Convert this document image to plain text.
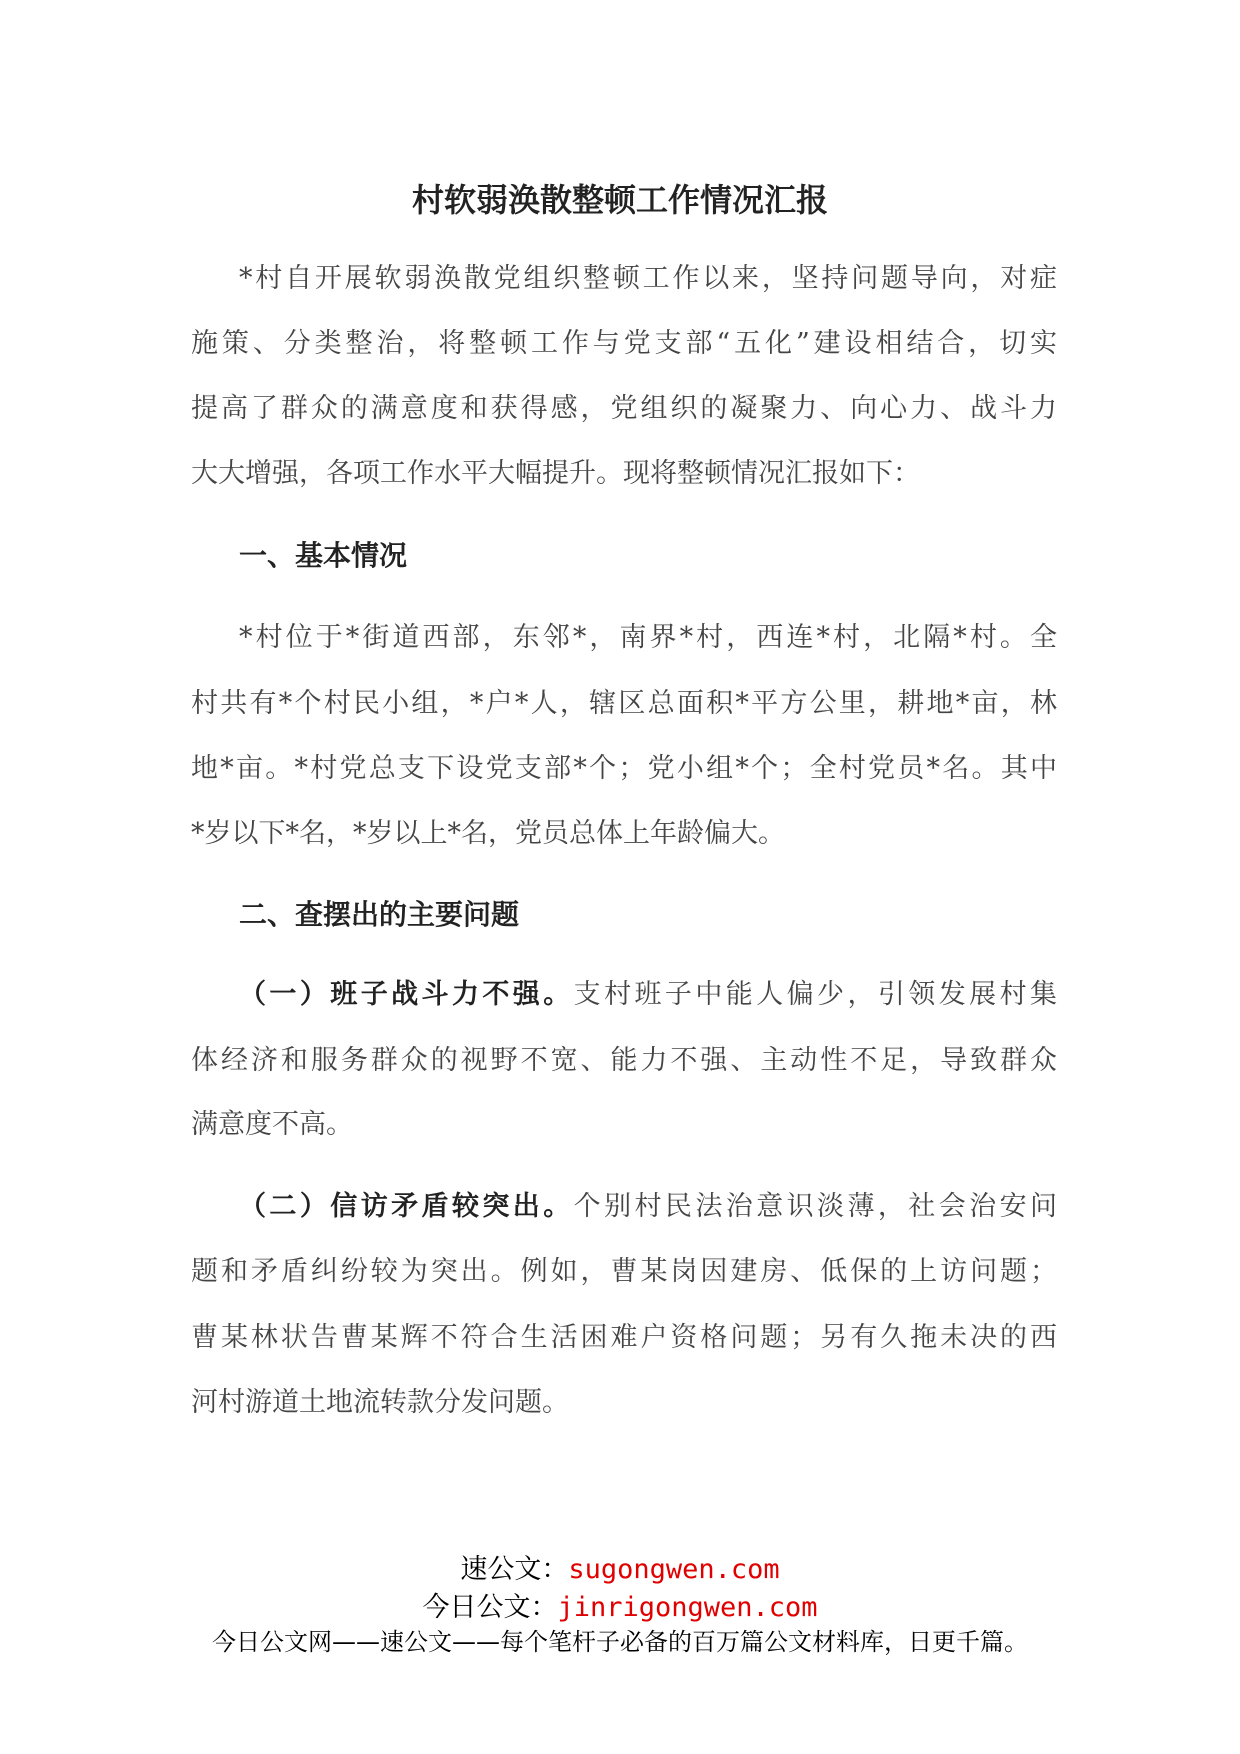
村软弱涣散整顿工作情况汇报
*村自开展软弱涣散党组织整顿工作以来，坚持问题导向，对症
施策、分类整治，将整顿工作与党支部“五化”建设相结合，切实
提高了群众的满意度和获得感，党组织的凝聚力、向心力、战斗力
大大增强，各项工作水平大幅提升。现将整顿情况汇报如下：
一、基本情况
*村位于*街道西部，东邻*，南界*村，西连*村，北隔*村。全
村共有*个村民小组，*户*人，辖区总面积*平方公里，耕地*亩，林
地*亩。*村党总支下设党支部*个；党小组*个；全村党员*名。其中
*岁以下*名，*岁以上*名，党员总体上年龄偏大。
二、查摆出的主要问题
（一）班子战斗力不强。支村班子中能人偏少，引领发展村集
体经济和服务群众的视野不宽、能力不强、主动性不足，导致群众
满意度不高。
（二）信访矛盾较突出。个别村民法治意识淡薄，社会治安问
题和矛盾纠纷较为突出。例如，曹某岗因建房、低保的上访问题；
曹某林状告曹某辉不符合生活困难户资格问题；另有久拖未决的西
河村游道土地流转款分发问题。
速公文：sugongwen.com
今日公文：jinrigongwen.com
今日公文网——速公文——每个笔杆子必备的百万篇公文材料库，日更千篇。
